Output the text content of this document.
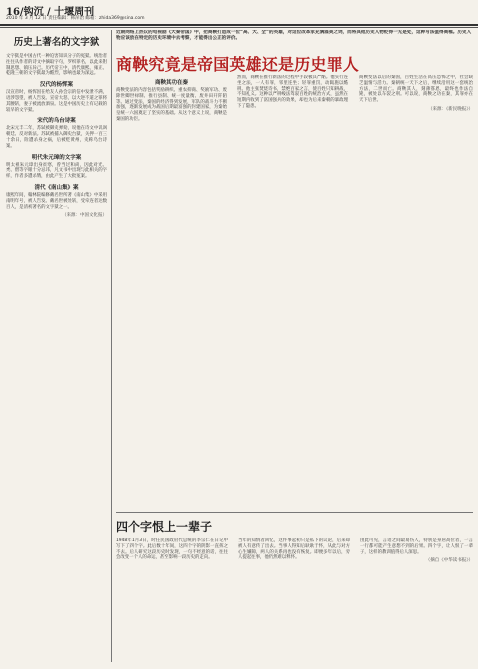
16/钩沉 / 十堰周刊
2010 年 3 月 12 日 责任编辑：韩萍治 邮箱：zhida369@sina.com
历史上著名的文字狱
文字狱是中国古代一种迫害知识分子的冤狱。统治者往往从作者的诗文中摘取字句，罗织罪名，以此来钳制思想、镇压异己。历代帝王中，清代康熙、雍正、乾隆三朝的文字狱最为酷烈，影响也最为深远。
汉代的杨恽案
汉宣帝时，杨恽因在给友人孙会宗的信中发泄不满，语涉怨望，被人告发。宣帝大怒，以大逆不道之罪将其腰斩，妻子被流放酒泉。这是中国历史上有记载的较早的文字狱。
宋代的乌台诗案
北宋元丰二年，苏轼被御史弹劾，说他在诗文中讥讽朝廷、反对新法。苏轼被捕入御史台狱，关押一百三十余日，险遭杀身之祸，后被贬黄州，史称乌台诗案。
明代朱元璋的文字案
明太祖朱元璋出身贫寒，曾当过和尚，因此对光、秃、僧等字眼十分忌讳，凡文书中出现与此相关的字样，作者多遭杀戮，由此产生了大批冤案。
清代《南山集》案
康熙年间，翰林院编修戴名世所著《南山集》中采用南明年号，被人告发。戴名世被处斩，受牵连者达数百人，是清初著名的文字狱之一。
（来源：中国文化报）
近期网络上热议的电视剧《大秦帝国》中，把商鞅打造成一位“高、大、全”的英雄，对这位改革家充满溢美之词，而将其他历史人物贬得一无是处，这种写法值得商榷。历史人物应该放在特定的历史环境中去考察，才能得出公正的评价。
商鞅究竟是帝国英雄还是历史罪人
商鞅其功在秦
商鞅变法的内容包括奖励耕织、重农抑商、奖励军功、废除世卿世禄制、推行县制、统一度量衡、废井田开阡陌等。通过变法，秦国的经济得到发展，军队的战斗力不断加强，逐渐发展成为战国后期最富强的封建国家，为秦始皇统一六国奠定了坚实的基础。从这个意义上说，商鞅是秦国的功臣。
然而，商鞅在推行新法的过程中手段极其严酷。他实行连坐之法，一人有罪，邻里连坐；轻罪重罚，动辄施以酷刑。他主张焚烧诗书，禁绝百家之言，使百姓只知耕战，不知礼义。这种以严刑峻法驾驭百姓的统治方式，虽然在短期内收到了富国强兵的效果，却也为后来秦朝的暴政埋下了隐患。
商鞅变法以后的秦国，百姓生活在高压恐怖之中，社会缺乏温情与活力。秦朝统一天下之后，继续沿用这一套统治方法，二世而亡。商鞅其人，刻薄寡恩，最终也作法自毙，被处以车裂之刑。可以说，商鞅之功在秦，其罪亦在天下后世。
（来源：《新民晚报》）
四个字恨上一辈子
1948年1月3日，时任民国政府代总统的李宗仁在日记中写下了四个字。此后数十年间，这四个字的阴影一直挥之不去。后人研究这段历史时发现，一句不经意的话，往往会改变一个人的命运，甚至影响一段历史的走向。
当年的知情者回忆，这件事起初只是私下的议论，后来却被人有意传了出去。当事人得知后耿耿于怀，从此与对方心生嫌隙，两人的关系再也没有恢复。即便多年以后，旁人提起往事，他仍然难以释怀。
由此可见，言语之间最易伤人，特别是身居高位者，一言一行都可能产生意想不到的后果。四个字，让人恨了一辈子，这样的教训值得后人深思。
（摘自《中华读书报》）
